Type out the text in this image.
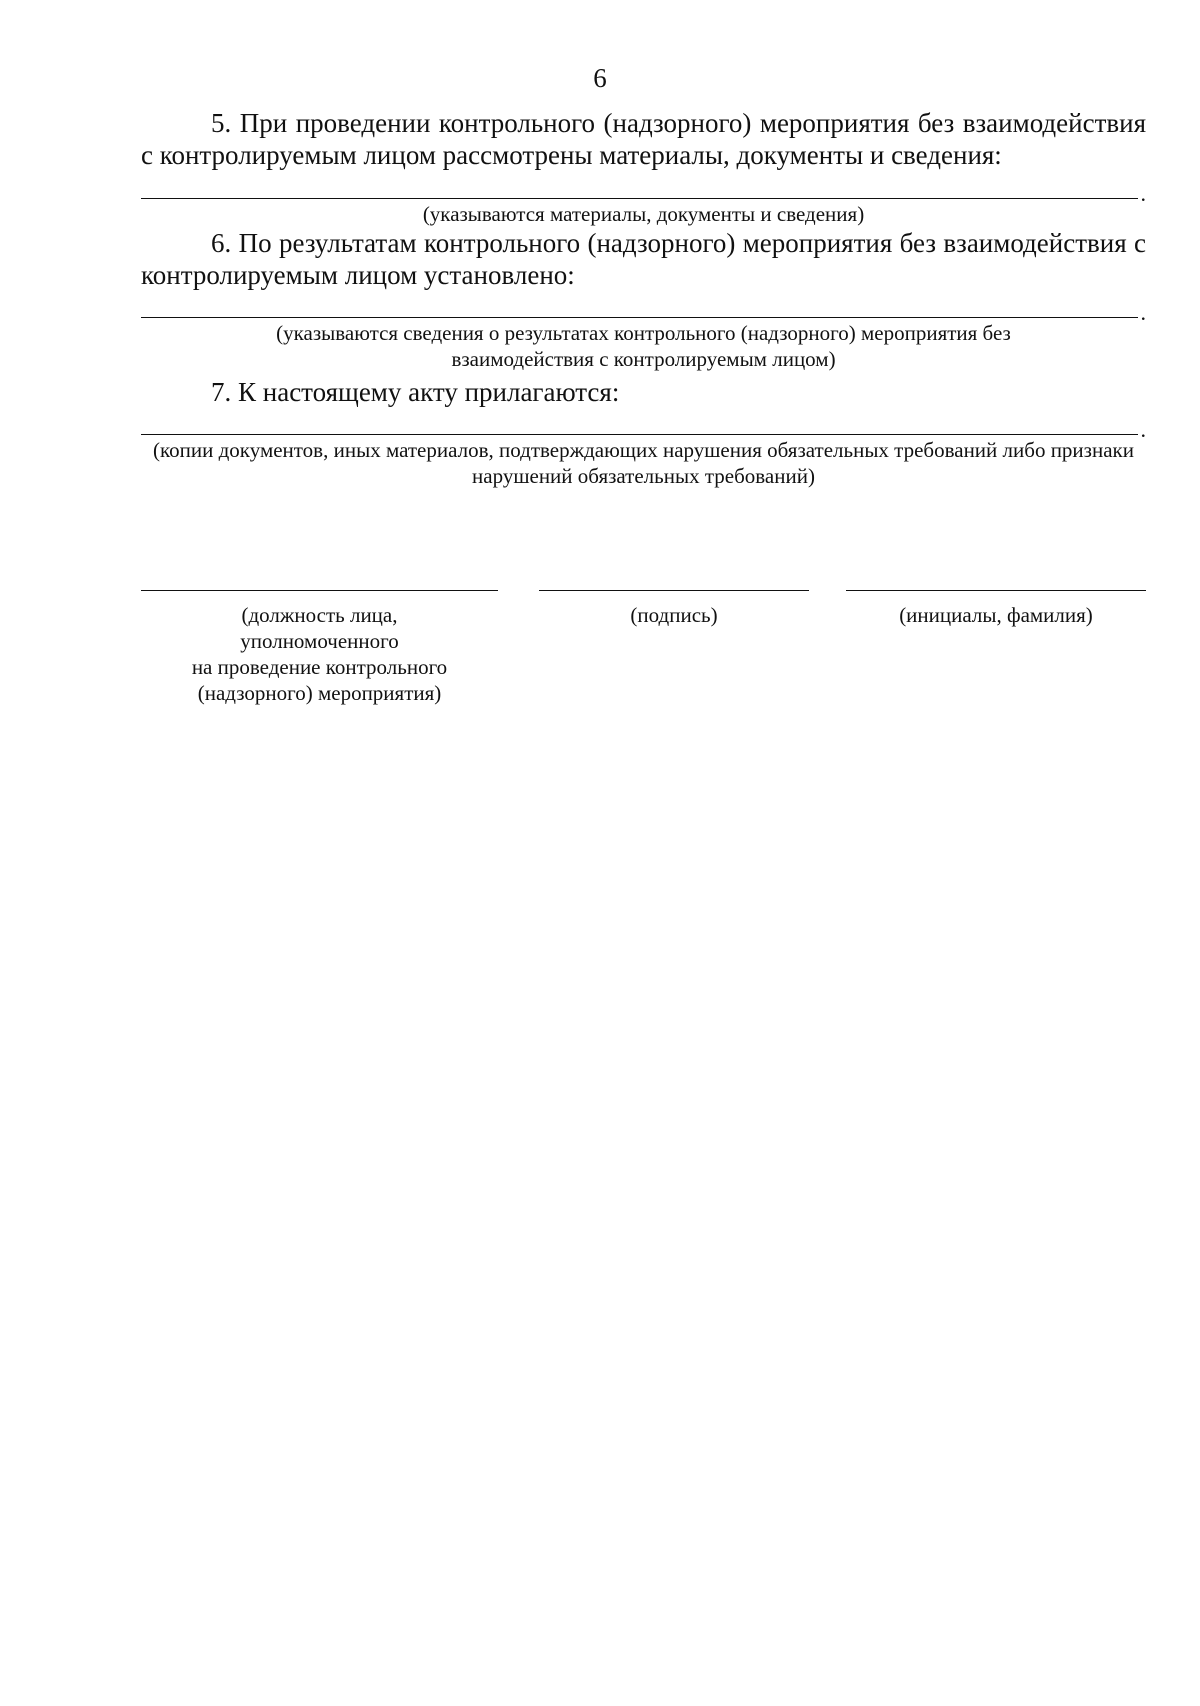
6

5. При проведении контрольного (надзорного) мероприятия без взаимодействия с контролируемым лицом рассмотрены материалы, документы и сведения:

.

(указываются материалы, документы и сведения)

6. По результатам контрольного (надзорного) мероприятия без взаимодействия с контролируемым лицом установлено:

.

(указываются сведения о результатах контрольного (надзорного) мероприятия без взаимодействия с контролируемым лицом)

7. К настоящему акту прилагаются:

.

(копии документов, иных материалов, подтверждающих нарушения обязательных требований либо признаки нарушений обязательных требований)

(должность лица,
уполномоченного
на проведение контрольного
(надзорного) мероприятия)
(подпись)	(инициалы, фамилия)
